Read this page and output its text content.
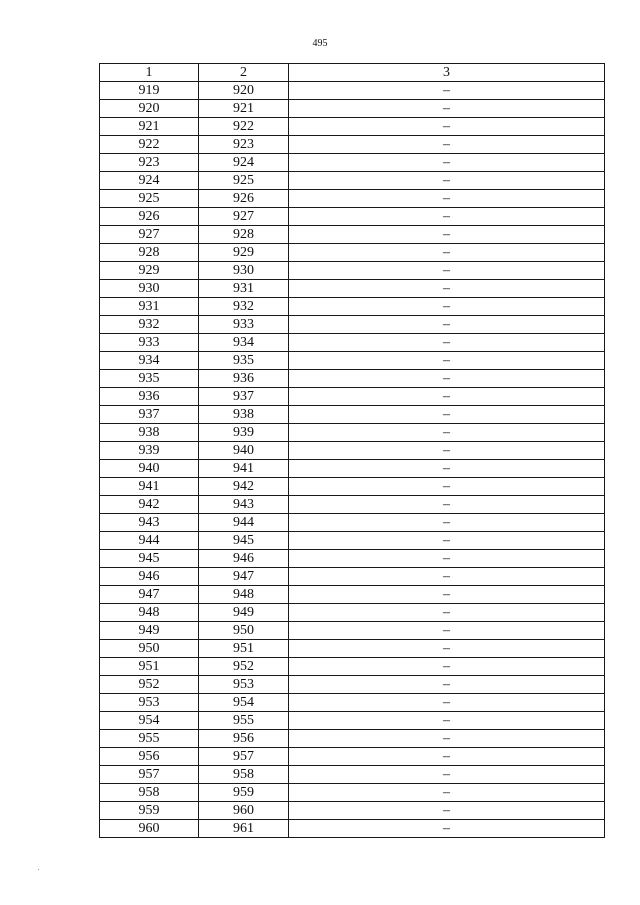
495
1	2	3
919	920	–
920	921	–
921	922	–
922	923	–
923	924	–
924	925	–
925	926	–
926	927	–
927	928	–
928	929	–
929	930	–
930	931	–
931	932	–
932	933	–
933	934	–
934	935	–
935	936	–
936	937	–
937	938	–
938	939	–
939	940	–
940	941	–
941	942	–
942	943	–
943	944	–
944	945	–
945	946	–
946	947	–
947	948	–
948	949	–
949	950	–
950	951	–
951	952	–
952	953	–
953	954	–
954	955	–
955	956	–
956	957	–
957	958	–
958	959	–
959	960	–
960	961	–
